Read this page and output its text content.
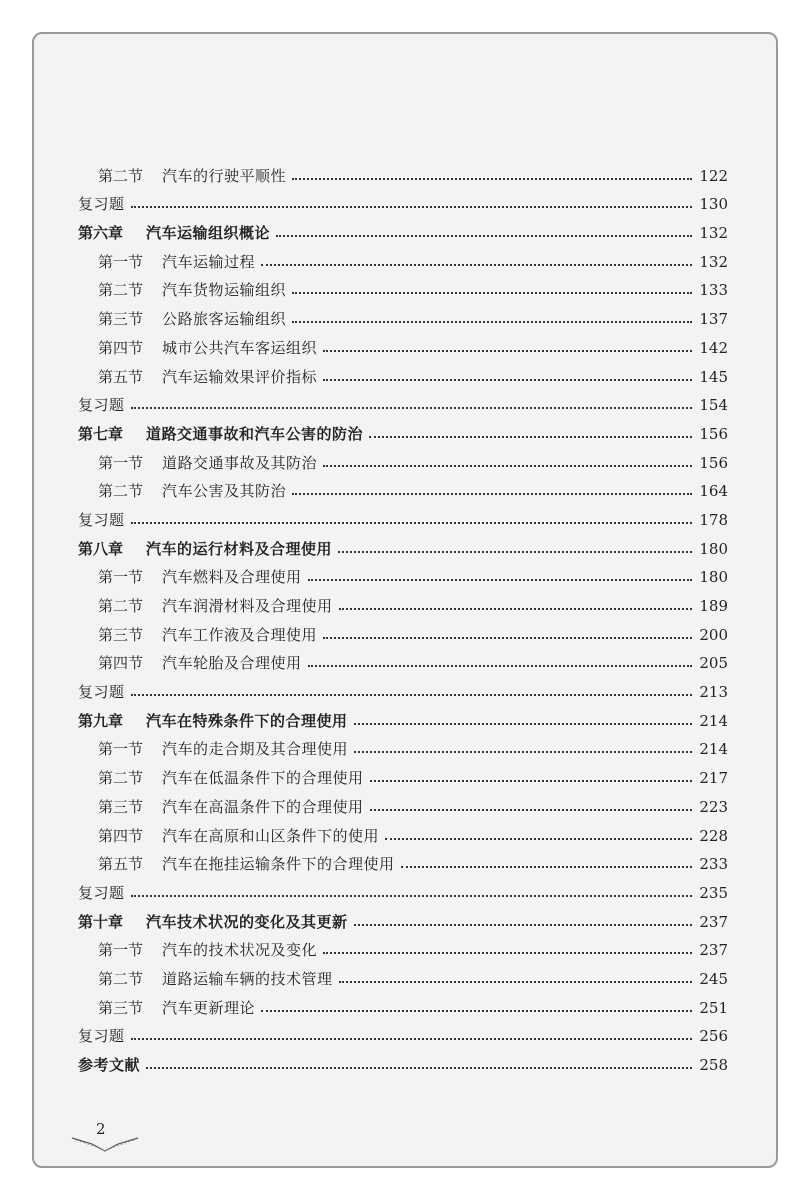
第二节	汽车的行驶平顺性	122
复习题	130
第六章	汽车运输组织概论	132
第一节	汽车运输过程	132
第二节	汽车货物运输组织	133
第三节	公路旅客运输组织	137
第四节	城市公共汽车客运组织	142
第五节	汽车运输效果评价指标	145
复习题	154
第七章	道路交通事故和汽车公害的防治	156
第一节	道路交通事故及其防治	156
第二节	汽车公害及其防治	164
复习题	178
第八章	汽车的运行材料及合理使用	180
第一节	汽车燃料及合理使用	180
第二节	汽车润滑材料及合理使用	189
第三节	汽车工作液及合理使用	200
第四节	汽车轮胎及合理使用	205
复习题	213
第九章	汽车在特殊条件下的合理使用	214
第一节	汽车的走合期及其合理使用	214
第二节	汽车在低温条件下的合理使用	217
第三节	汽车在高温条件下的合理使用	223
第四节	汽车在高原和山区条件下的使用	228
第五节	汽车在拖挂运输条件下的合理使用	233
复习题	235
第十章	汽车技术状况的变化及其更新	237
第一节	汽车的技术状况及变化	237
第二节	道路运输车辆的技术管理	245
第三节	汽车更新理论	251
复习题	256
参考文献	258
2
